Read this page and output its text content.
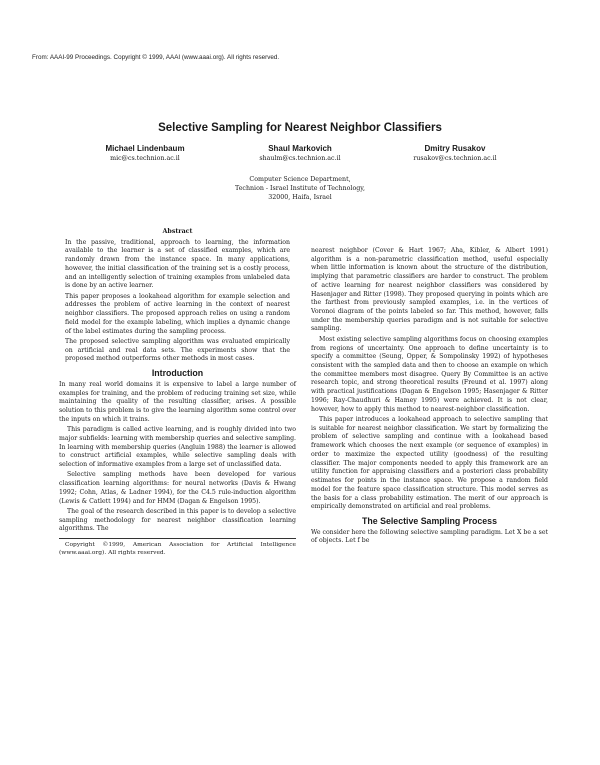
From: AAAI-99 Proceedings. Copyright © 1999, AAAI (www.aaai.org). All rights reserved.
Selective Sampling for Nearest Neighbor Classifiers
Michael Lindenbaum
mic@cs.technion.ac.il
Shaul Markovich
shaulm@cs.technion.ac.il
Dmitry Rusakov
rusakov@cs.technion.ac.il
Computer Science Department,
Technion - Israel Institute of Technology,
32000, Haifa, Israel
Abstract

In the passive, traditional, approach to learning, the information available to the learner is a set of classified examples, which are randomly drawn from the instance space. In many applications, however, the initial classification of the training set is a costly process, and an intelligently selection of training examples from unlabeled data is done by an active learner.

This paper proposes a lookahead algorithm for example selection and addresses the problem of active learning in the context of nearest neighbor classifiers. The proposed approach relies on using a random field model for the example labeling, which implies a dynamic change of the label estimates during the sampling process.

The proposed selective sampling algorithm was evaluated empirically on artificial and real data sets. The experiments show that the proposed method outperforms other methods in most cases.

Introduction

In many real world domains it is expensive to label a large number of examples for training, and the problem of reducing training set size, while maintaining the quality of the resulting classifier, arises. A possible solution to this problem is to give the learning algorithm some control over the inputs on which it trains.

This paradigm is called active learning, and is roughly divided into two major subfields: learning with membership queries and selective sampling. In learning with membership queries (Angluin 1988) the learner is allowed to construct artificial examples, while selective sampling deals with selection of informative examples from a large set of unclassified data.

Selective sampling methods have been developed for various classification learning algorithms: for neural networks (Davis & Hwang 1992; Cohn, Atlas, & Ladner 1994), for the C4.5 rule-induction algorithm (Lewis & Catlett 1994) and for HMM (Dagan & Engelson 1995).

The goal of the research described in this paper is to develop a selective sampling methodology for nearest neighbor classification learning algorithms. The

Copyright ©1999, American Association for Artificial Intelligence (www.aaai.org). All rights reserved.

nearest neighbor (Cover & Hart 1967; Aha, Kibler, & Albert 1991) algorithm is a non-parametric classification method, useful especially when little information is known about the structure of the distribution, implying that parametric classifiers are harder to construct. The problem of active learning for nearest neighbor classifiers was considered by Hasenjager and Ritter (1998). They proposed querying in points which are the farthest from previously sampled examples, i.e. in the vertices of Voronoi diagram of the points labeled so far. This method, however, falls under the membership queries paradigm and is not suitable for selective sampling.

Most existing selective sampling algorithms focus on choosing examples from regions of uncertainty. One approach to define uncertainty is to specify a committee (Seung, Opper, & Sompolinsky 1992) of hypotheses consistent with the sampled data and then to choose an example on which the committee members most disagree. Query By Committee is an active research topic, and strong theoretical results (Freund et al. 1997) along with practical justifications (Dagan & Engelson 1995; Hasenjager & Ritter 1996; Ray-Chaudhuri & Hamey 1995) were achieved. It is not clear, however, how to apply this method to nearest-neighbor classification.

This paper introduces a lookahead approach to selective sampling that is suitable for nearest neighbor classification. We start by formalizing the problem of selective sampling and continue with a lookahead based framework which chooses the next example (or sequence of examples) in order to maximize the expected utility (goodness) of the resulting classifier. The major components needed to apply this framework are an utility function for appraising classifiers and a posteriori class probability estimates for points in the instance space. We propose a random field model for the feature space classification structure. This model serves as the basis for a class probability estimation. The merit of our approach is empirically demonstrated on artificial and real problems.

The Selective Sampling Process

We consider here the following selective sampling paradigm. Let X be a set of objects. Let f be
